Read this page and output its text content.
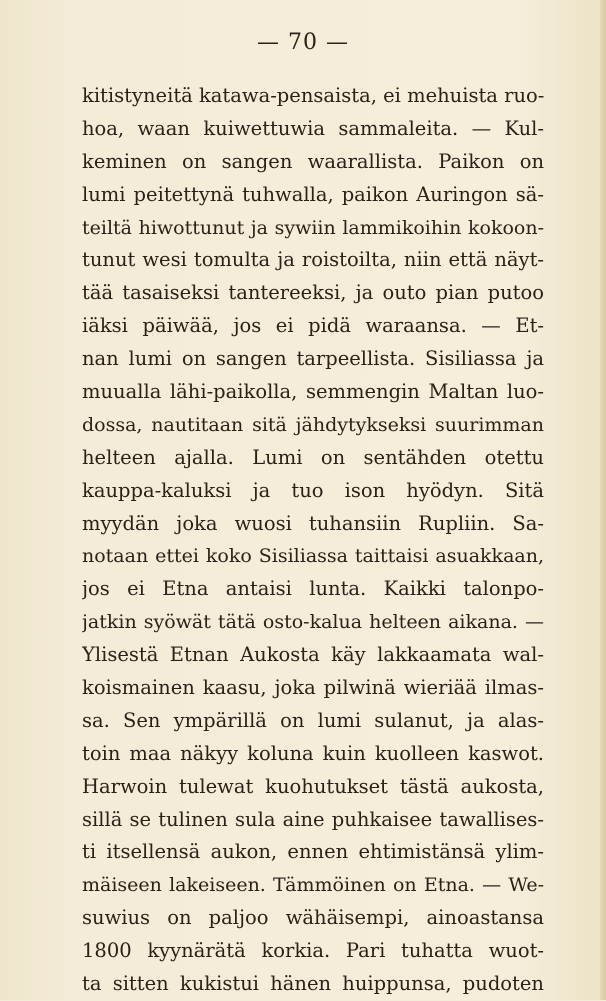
— 70 —
kitistyneitä katawa-pensaista, ei mehuista ruo-
hoa, waan kuiwettuwia sammaleita. — Kul-
keminen on sangen waarallista. Paikon on
lumi peitettynä tuhwalla, paikon Auringon sä-
teiltä hiwottunut ja sywiin lammikoihin kokoon-
tunut wesi tomulta ja roistoilta, niin että näyt-
tää tasaiseksi tantereeksi, ja outo pian putoo
iäksi päiwää, jos ei pidä waraansa. — Et-
nan lumi on sangen tarpeellista. Sisiliassa ja
muualla lähi-paikolla, semmengin Maltan luo-
dossa, nautitaan sitä jähdytykseksi suurimman
helteen ajalla. Lumi on sentähden otettu
kauppa-kaluksi ja tuo ison hyödyn. Sitä
myydän joka wuosi tuhansiin Rupliin. Sa-
notaan ettei koko Sisiliassa taittaisi asuakkaan,
jos ei Etna antaisi lunta. Kaikki talonpo-
jatkin syöwät tätä osto-kalua helteen aikana. —
Ylisestä Etnan Aukosta käy lakkaamata wal-
koismainen kaasu, joka pilwinä wieriää ilmas-
sa. Sen ympärillä on lumi sulanut, ja alas-
toin maa näkyy koluna kuin kuolleen kaswot.
Harwoin tulewat kuohutukset tästä aukosta,
sillä se tulinen sula aine puhkaisee tawallises-
ti itsellensä aukon, ennen ehtimistänsä ylim-
mäiseen lakeiseen. Tämmöinen on Etna. — We-
suwius on paljoo wähäisempi, ainoastansa
1800 kyynärätä korkia. Pari tuhatta wuot-
ta sitten kukistui hänen huippunsa, pudoten
